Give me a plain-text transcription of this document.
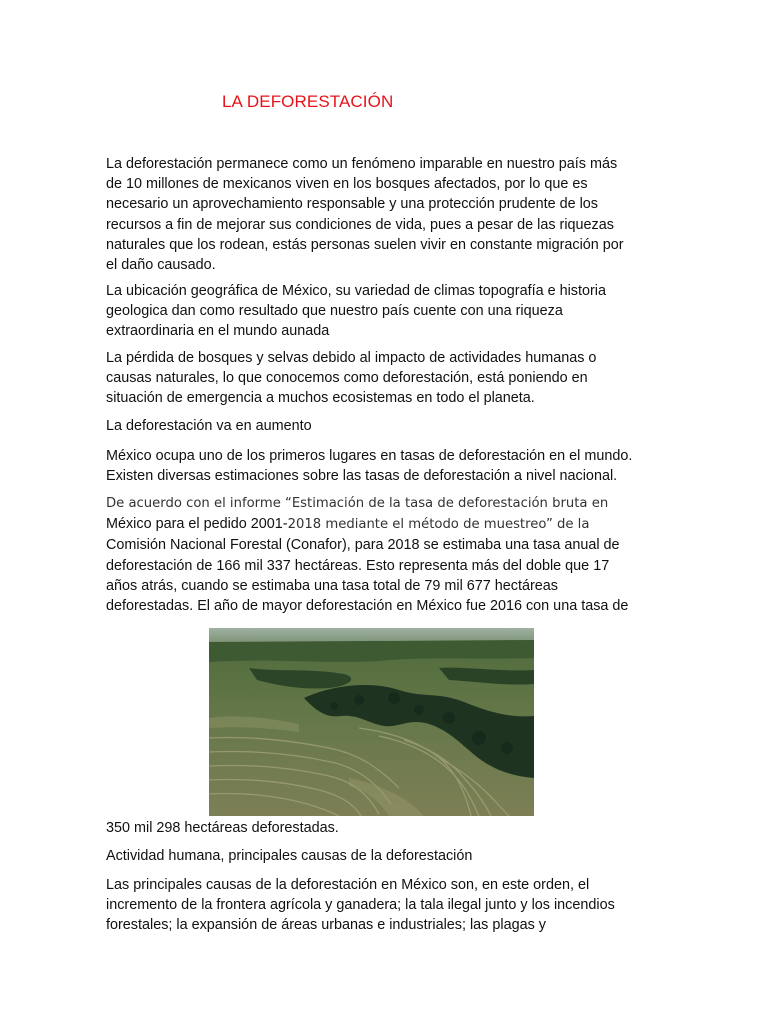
LA DEFORESTACIÓN

La deforestación permanece como un fenómeno imparable en nuestro país más
de 10 millones de mexicanos viven en los bosques afectados, por lo que es
necesario un aprovechamiento responsable y una protección prudente de los
recursos a fin de mejorar sus condiciones de vida, pues a pesar de las riquezas
naturales que los rodean, estás personas suelen vivir en constante migración por
el daño causado.

La ubicación geográfica de México, su variedad de climas topografía e historia
geologica dan como resultado que nuestro país cuente con una riqueza
extraordinaria en el mundo aunada

La pérdida de bosques y selvas debido al impacto de actividades humanas o
causas naturales, lo que conocemos como deforestación, está poniendo en
situación de emergencia a muchos ecosistemas en todo el planeta.

La deforestación va en aumento

México ocupa uno de los primeros lugares en tasas de deforestación en el mundo.
Existen diversas estimaciones sobre las tasas de deforestación a nivel nacional.

De acuerdo con el informe “Estimación de la tasa de deforestación bruta en
México para el pedido 2001-2018 mediante el método de muestreo” de la
Comisión Nacional Forestal (Conafor), para 2018 se estimaba una tasa anual de
deforestación de 166 mil 337 hectáreas. Esto representa más del doble que 17
años atrás, cuando se estimaba una tasa total de 79 mil 677 hectáreas
deforestadas. El año de mayor deforestación en México fue 2016 con una tasa de

350 mil 298 hectáreas deforestadas.

Actividad humana, principales causas de la deforestación

Las principales causas de la deforestación en México son, en este orden, el
incremento de la frontera agrícola y ganadera; la tala ilegal junto y los incendios
forestales; la expansión de áreas urbanas e industriales; las plagas y
